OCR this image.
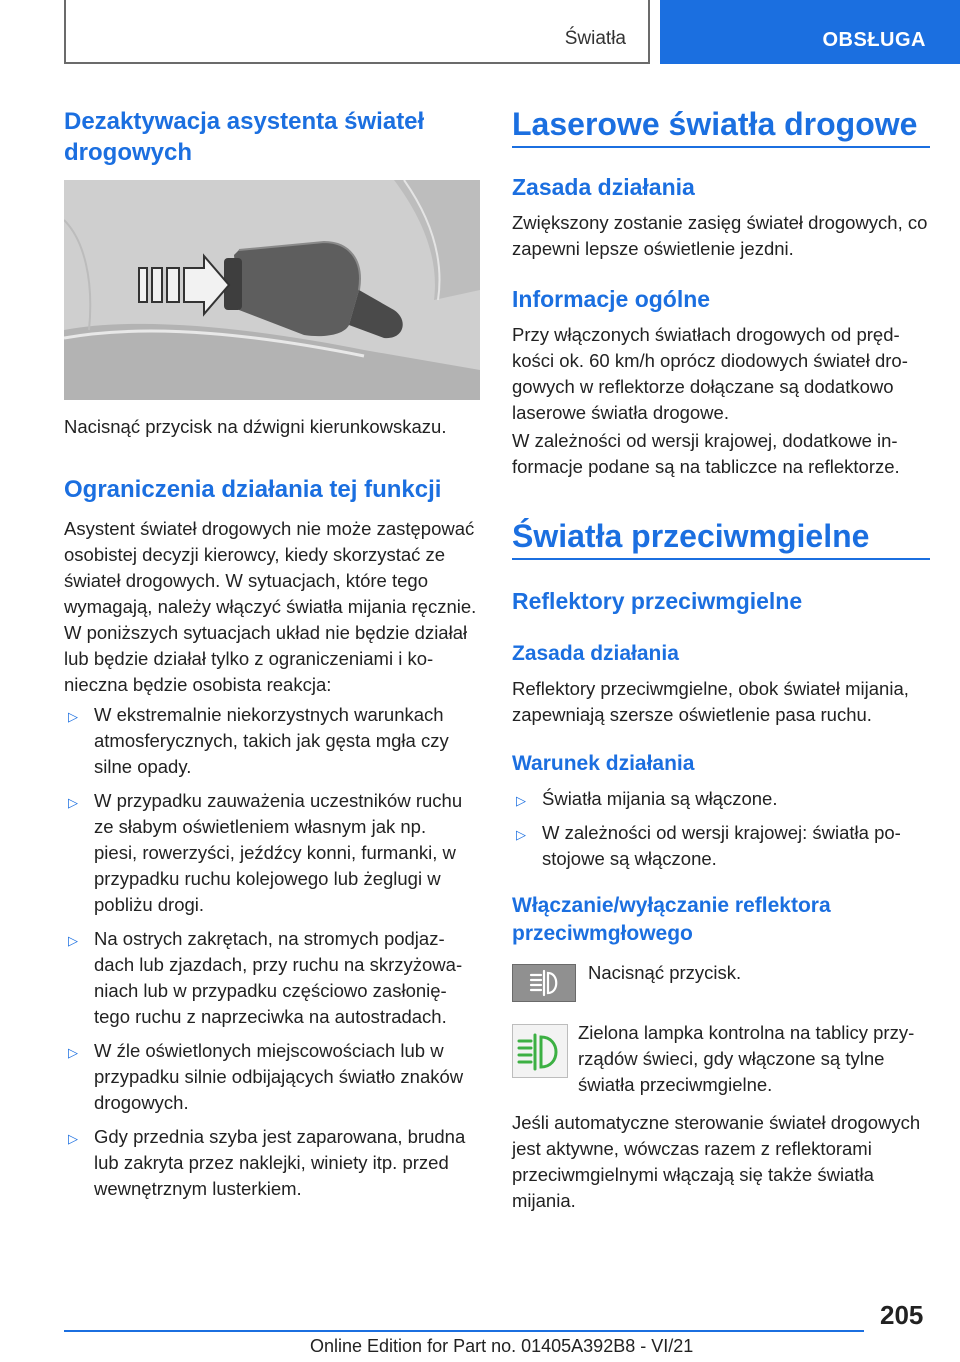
Światła	OBSŁUGA
Dezaktywacja asystenta świateł drogowych
Nacisnąć przycisk na dźwigni kierunkowskazu.
Ograniczenia działania tej funkcji
Asystent świateł drogowych nie może zastępować osobistej decyzji kierowcy, kiedy skorzystać ze świateł drogowych. W sytuacjach, które tego wymagają, należy włączyć światła mijania ręcznie.
W poniższych sytuacjach układ nie będzie działał lub będzie działał tylko z ograniczeniami i konieczna będzie osobista reakcja:
▷ W ekstremalnie niekorzystnych warunkach atmosferycznych, takich jak gęsta mgła czy silne opady.
▷ W przypadku zauważenia uczestników ruchu ze słabym oświetleniem własnym jak np. piesi, rowerzyści, jeźdźcy konni, furmanki, w przypadku ruchu kolejowego lub żeglugi w pobliżu drogi.
▷ Na ostrych zakrętach, na stromych podjazdach lub zjazdach, przy ruchu na skrzyżowaniach lub w przypadku częściowo zasłoniętego ruchu z naprzeciwka na autostradach.
▷ W źle oświetlonych miejscowościach lub w przypadku silnie odbijających światło znaków drogowych.
▷ Gdy przednia szyba jest zaparowana, brudna lub zakryta przez naklejki, winiety itp. przed wewnętrznym lusterkiem.
Laserowe światła drogowe
Zasada działania
Zwiększony zostanie zasięg świateł drogowych, co zapewni lepsze oświetlenie jezdni.
Informacje ogólne
Przy włączonych światłach drogowych od prędkości ok. 60 km/h oprócz diodowych świateł drogowych w reflektorze dołączane są dodatkowo laserowe światła drogowe.
W zależności od wersji krajowej, dodatkowe informacje podane są na tabliczce na reflektorze.
Światła przeciwmgielne
Reflektory przeciwmgielne
Zasada działania
Reflektory przeciwmgielne, obok świateł mijania, zapewniają szersze oświetlenie pasa ruchu.
Warunek działania
▷ Światła mijania są włączone.
▷ W zależności od wersji krajowej: światła postojowe są włączone.
Włączanie/wyłączanie reflektora przeciwmgłowego
Nacisnąć przycisk.
Zielona lampka kontrolna na tablicy przyrządów świeci, gdy włączone są tylne światła przeciwmgielne.
Jeśli automatyczne sterowanie świateł drogowych jest aktywne, wówczas razem z reflektorami przeciwmgielnymi włączają się także światła mijania.
205
Online Edition for Part no. 01405A392B8 - VI/21
